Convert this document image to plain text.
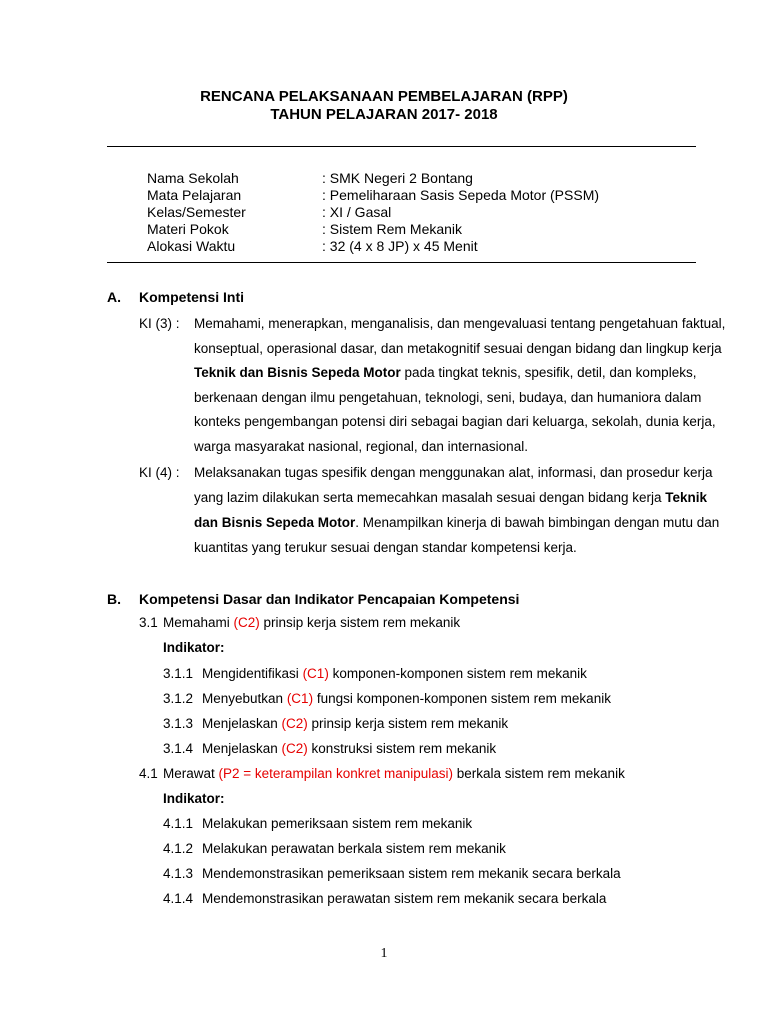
RENCANA PELAKSANAAN PEMBELAJARAN (RPP)
TAHUN PELAJARAN 2017- 2018
Nama Sekolah	: SMK Negeri 2 Bontang
Mata Pelajaran	: Pemeliharaan Sasis Sepeda Motor (PSSM)
Kelas/Semester	: XI / Gasal
Materi Pokok	: Sistem Rem Mekanik
Alokasi Waktu	: 32 (4 x 8 JP) x 45 Menit
A. Kompetensi Inti
KI (3) : Memahami, menerapkan, menganalisis, dan mengevaluasi tentang pengetahuan faktual,
konseptual, operasional dasar, dan metakognitif sesuai dengan bidang dan lingkup kerja
Teknik dan Bisnis Sepeda Motor pada tingkat teknis, spesifik, detil, dan kompleks,
berkenaan dengan ilmu pengetahuan, teknologi, seni, budaya, dan humaniora dalam
konteks pengembangan potensi diri sebagai bagian dari keluarga, sekolah, dunia kerja,
warga masyarakat nasional, regional, dan internasional.
KI (4) : Melaksanakan tugas spesifik dengan menggunakan alat, informasi, dan prosedur kerja
yang lazim dilakukan serta memecahkan masalah sesuai dengan bidang kerja Teknik
dan Bisnis Sepeda Motor. Menampilkan kinerja di bawah bimbingan dengan mutu dan
kuantitas yang terukur sesuai dengan standar kompetensi kerja.
B. Kompetensi Dasar dan Indikator Pencapaian Kompetensi
3.1 Memahami (C2) prinsip kerja sistem rem mekanik
Indikator:
3.1.1 Mengidentifikasi (C1) komponen-komponen sistem rem mekanik
3.1.2 Menyebutkan (C1) fungsi komponen-komponen sistem rem mekanik
3.1.3 Menjelaskan (C2) prinsip kerja sistem rem mekanik
3.1.4 Menjelaskan (C2) konstruksi sistem rem mekanik
4.1 Merawat (P2 = keterampilan konkret manipulasi) berkala sistem rem mekanik
Indikator:
4.1.1 Melakukan pemeriksaan sistem rem mekanik
4.1.2 Melakukan perawatan berkala sistem rem mekanik
4.1.3 Mendemonstrasikan pemeriksaan sistem rem mekanik secara berkala
4.1.4 Mendemonstrasikan perawatan sistem rem mekanik secara berkala
1
